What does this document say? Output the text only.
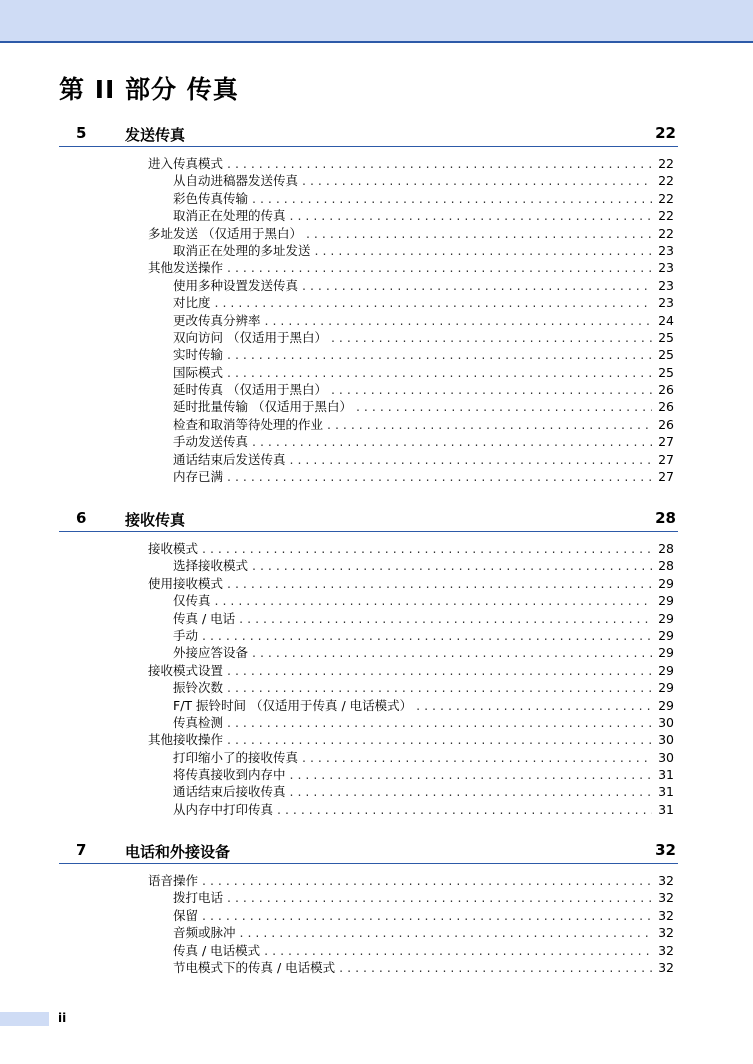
第 II 部分 传真
5	发送传真	22
进入传真模式 . . .	22
从自动进稿器发送传真 . . .	22
彩色传真传输 . . .	22
取消正在处理的传真 . . .	22
多址发送 （仅适用于黑白） . . .	22
取消正在处理的多址发送 . . .	23
其他发送操作 . . .	23
使用多种设置发送传真 . . .	23
对比度 . . .	23
更改传真分辨率 . . .	24
双向访问 （仅适用于黑白） . . .	25
实时传输 . . .	25
国际模式 . . .	25
延时传真 （仅适用于黑白） . . .	26
延时批量传输 （仅适用于黑白） . . .	26
检查和取消等待处理的作业 . . .	26
手动发送传真 . . .	27
通话结束后发送传真 . . .	27
内存已满 . . .	27
6	接收传真	28
接收模式 . . .	28
选择接收模式 . . .	28
使用接收模式 . . .	29
仅传真 . . .	29
传真 / 电话 . . .	29
手动 . . .	29
外接应答设备 . . .	29
接收模式设置 . . .	29
振铃次数 . . .	29
F/T 振铃时间 （仅适用于传真 / 电话模式） . . .	29
传真检测 . . .	30
其他接收操作 . . .	30
打印缩小了的接收传真 . . .	30
将传真接收到内存中 . . .	31
通话结束后接收传真 . . .	31
从内存中打印传真 . . .	31
7	电话和外接设备	32
语音操作 . . .	32
拨打电话 . . .	32
保留 . . .	32
音频或脉冲 . . .	32
传真 / 电话模式 . . .	32
节电模式下的传真 / 电话模式 . . .	32
ii
